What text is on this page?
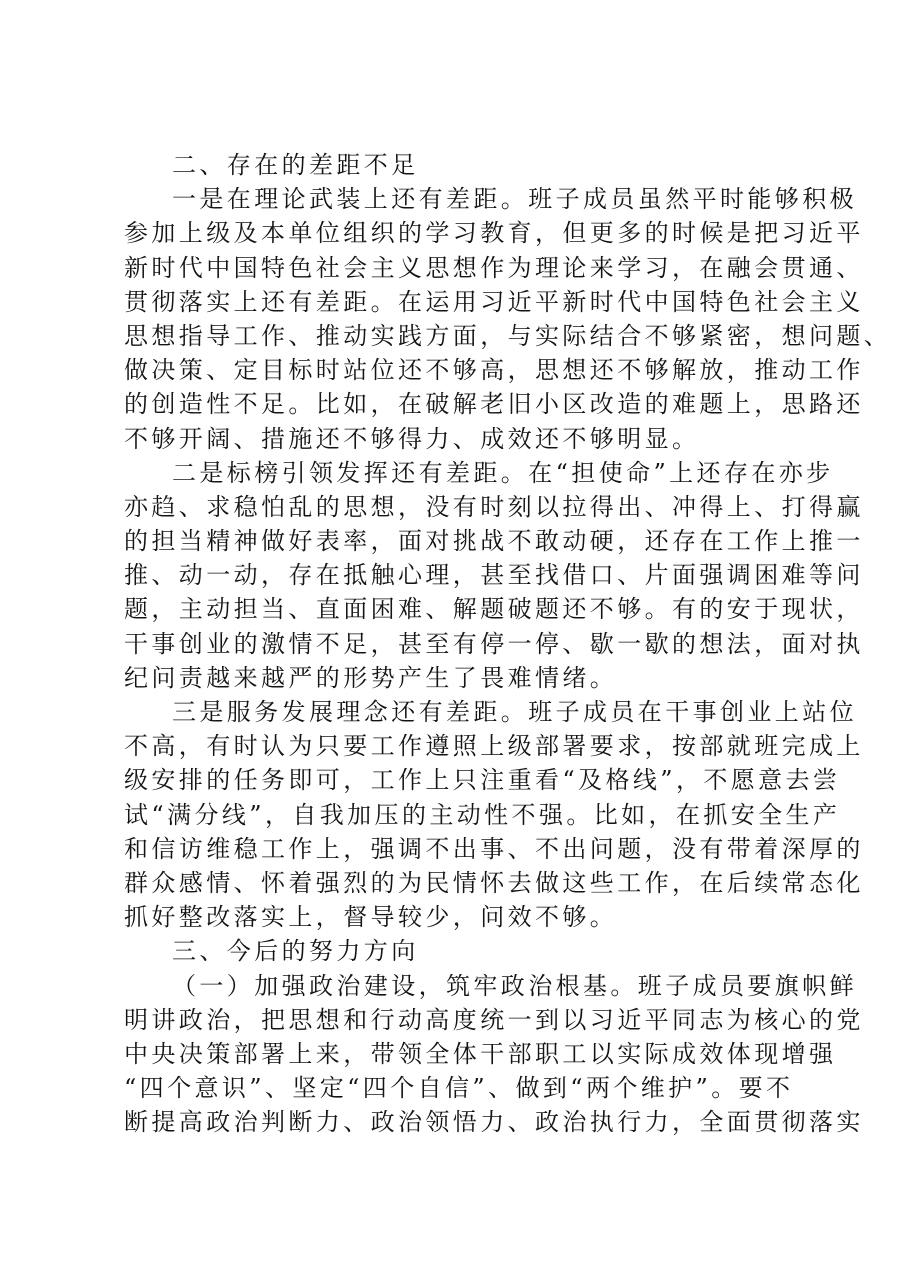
二、存在的差距不足
一是在理论武装上还有差距。班子成员虽然平时能够积极
参加上级及本单位组织的学习教育，但更多的时候是把习近平
新时代中国特色社会主义思想作为理论来学习，在融会贯通、
贯彻落实上还有差距。在运用习近平新时代中国特色社会主义
思想指导工作、推动实践方面，与实际结合不够紧密，想问题、
做决策、定目标时站位还不够高，思想还不够解放，推动工作
的创造性不足。比如，在破解老旧小区改造的难题上，思路还
不够开阔、措施还不够得力、成效还不够明显。
二是标榜引领发挥还有差距。在“担使命”上还存在亦步
亦趋、求稳怕乱的思想，没有时刻以拉得出、冲得上、打得赢
的担当精神做好表率，面对挑战不敢动硬，还存在工作上推一
推、动一动，存在抵触心理，甚至找借口、片面强调困难等问
题，主动担当、直面困难、解题破题还不够。有的安于现状，
干事创业的激情不足，甚至有停一停、歇一歇的想法，面对执
纪问责越来越严的形势产生了畏难情绪。
三是服务发展理念还有差距。班子成员在干事创业上站位
不高，有时认为只要工作遵照上级部署要求，按部就班完成上
级安排的任务即可，工作上只注重看“及格线”，不愿意去尝
试“满分线”，自我加压的主动性不强。比如，在抓安全生产
和信访维稳工作上，强调不出事、不出问题，没有带着深厚的
群众感情、怀着强烈的为民情怀去做这些工作，在后续常态化
抓好整改落实上，督导较少，问效不够。
三、今后的努力方向
（一）加强政治建设，筑牢政治根基。班子成员要旗帜鲜
明讲政治，把思想和行动高度统一到以习近平同志为核心的党
中央决策部署上来，带领全体干部职工以实际成效体现增强
“四个意识”、坚定“四个自信”、做到“两个维护”。要不
断提高政治判断力、政治领悟力、政治执行力，全面贯彻落实
